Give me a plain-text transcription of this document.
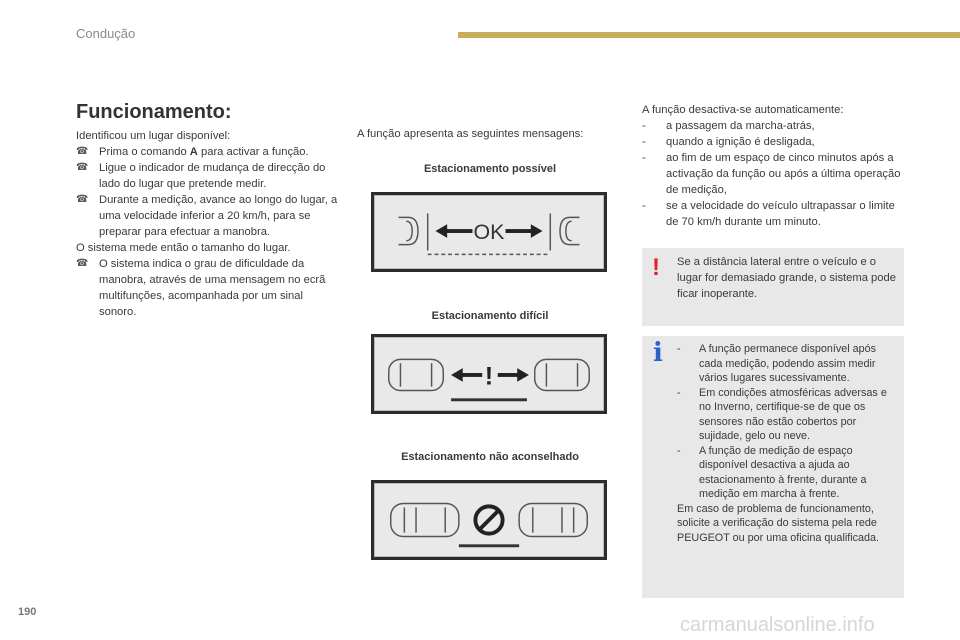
Condução
Funcionamento:

Identificou um lugar disponível:

☎ Prima o comando A para activar a função.

☎ Ligue o indicador de mudança de direcção do lado do lugar que pretende medir.

☎ Durante a medição, avance ao longo do lugar, a uma velocidade inferior a 20 km/h, para se preparar para efectuar a manobra.

O sistema mede então o tamanho do lugar.

☎ O sistema indica o grau de dificuldade da manobra, através de uma mensagem no ecrã multifunções, acompanhada por um sinal sonoro.

A função apresenta as seguintes mensagens:
Estacionamento possível
OK
Estacionamento difícil
!
Estacionamento não aconselhado

A função desactiva-se automaticamente:

- a passagem da marcha-atrás,

- quando a ignição é desligada,

- ao fim de um espaço de cinco minutos após a activação da função ou após a última operação de medição,

- se a velocidade do veículo ultrapassar o limite de 70 km/h durante um minuto.

!	Se a distância lateral entre o veículo e o lugar for demasiado grande, o sistema pode ficar inoperante.
i	- A função permanece disponível após cada medição, podendo assim medir vários lugares sucessivamente.

- Em condições atmosféricas adversas e no Inverno, certifique-se de que os sensores não estão cobertos por sujidade, gelo ou neve.

- A função de medição de espaço disponível desactiva a ajuda ao estacionamento à frente, durante a medição em marcha à frente.

Em caso de problema de funcionamento, solicite a verificação do sistema pela rede PEUGEOT ou por uma oficina qualificada.

190
carmanualsonline.info
